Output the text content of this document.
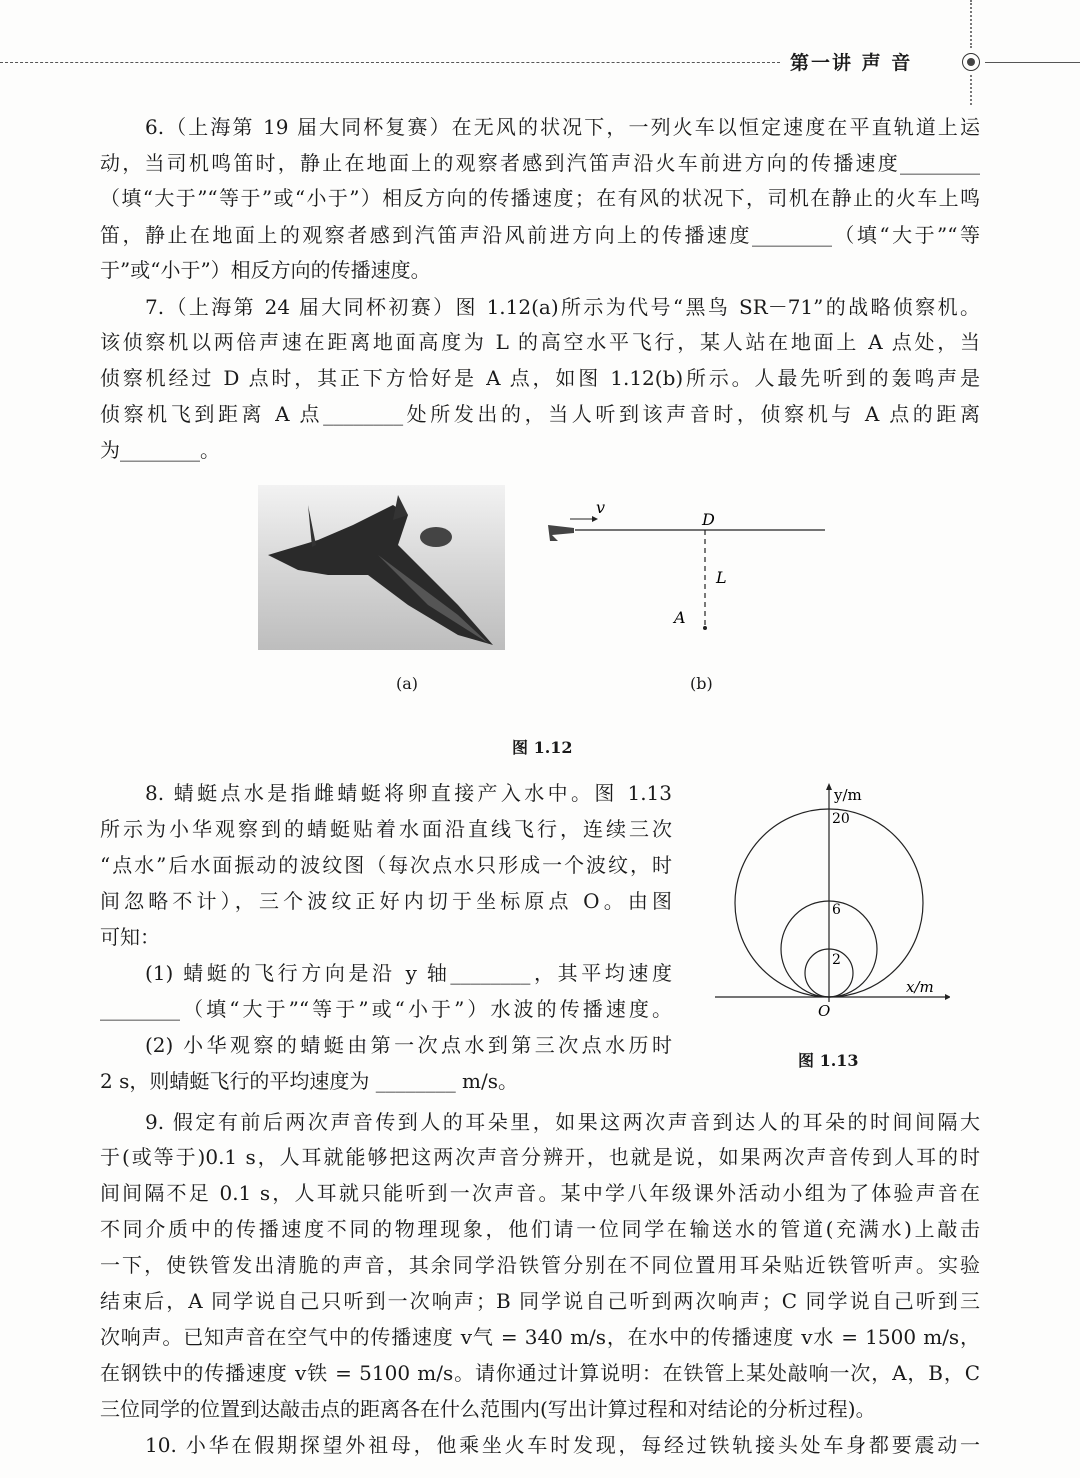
第一讲 声 音
6.（上海第 19 届大同杯复赛）在无风的状况下，一列火车以恒定速度在平直轨道上运
动，当司机鸣笛时，静止在地面上的观察者感到汽笛声沿火车前进方向的传播速度________
（填“大于”“等于”或“小于”）相反方向的传播速度；在有风的状况下，司机在静止的火车上鸣
笛，静止在地面上的观察者感到汽笛声沿风前进方向上的传播速度________（填“大于”“等
于”或“小于”）相反方向的传播速度。
7.（上海第 24 届大同杯初赛）图 1.12(a)所示为代号“黑鸟 SR－71”的战略侦察机。
该侦察机以两倍声速在距离地面高度为 L 的高空水平飞行，某人站在地面上 A 点处，当
侦察机经过 D 点时，其正下方恰好是 A 点，如图 1.12(b)所示。人最先听到的轰鸣声是
侦察机飞到距离 A 点________处所发出的，当人听到该声音时，侦察机与 A 点的距离
为________。
v
D
L
A
(a)	(b)
图 1.12
8. 蜻蜓点水是指雌蜻蜓将卵直接产入水中。图 1.13
所示为小华观察到的蜻蜓贴着水面沿直线飞行，连续三次
“点水”后水面振动的波纹图（每次点水只形成一个波纹，时
间忽略不计），三个波纹正好内切于坐标原点 O。由图
可知：
(1) 蜻蜓的飞行方向是沿 y 轴________，其平均速度
________（填“大于”“等于”或“小于”）水波的传播速度。
(2) 小华观察的蜻蜓由第一次点水到第三次点水历时
2 s，则蜻蜓飞行的平均速度为 ________ m/s。
y/m
x/m
O
20
6
2
图 1.13
9. 假定有前后两次声音传到人的耳朵里，如果这两次声音到达人的耳朵的时间间隔大
于(或等于)0.1 s，人耳就能够把这两次声音分辨开，也就是说，如果两次声音传到人耳的时
间间隔不足 0.1 s，人耳就只能听到一次声音。某中学八年级课外活动小组为了体验声音在
不同介质中的传播速度不同的物理现象，他们请一位同学在输送水的管道(充满水)上敲击
一下，使铁管发出清脆的声音，其余同学沿铁管分别在不同位置用耳朵贴近铁管听声。实验
结束后，A 同学说自己只听到一次响声；B 同学说自己听到两次响声；C 同学说自己听到三
次响声。已知声音在空气中的传播速度 v气 = 340 m/s，在水中的传播速度 v水 = 1500 m/s，
在钢铁中的传播速度 v铁 = 5100 m/s。请你通过计算说明：在铁管上某处敲响一次，A，B，C
三位同学的位置到达敲击点的距离各在什么范围内(写出计算过程和对结论的分析过程)。
10. 小华在假期探望外祖母，他乘坐火车时发现，每经过铁轨接头处车身都要震动一
